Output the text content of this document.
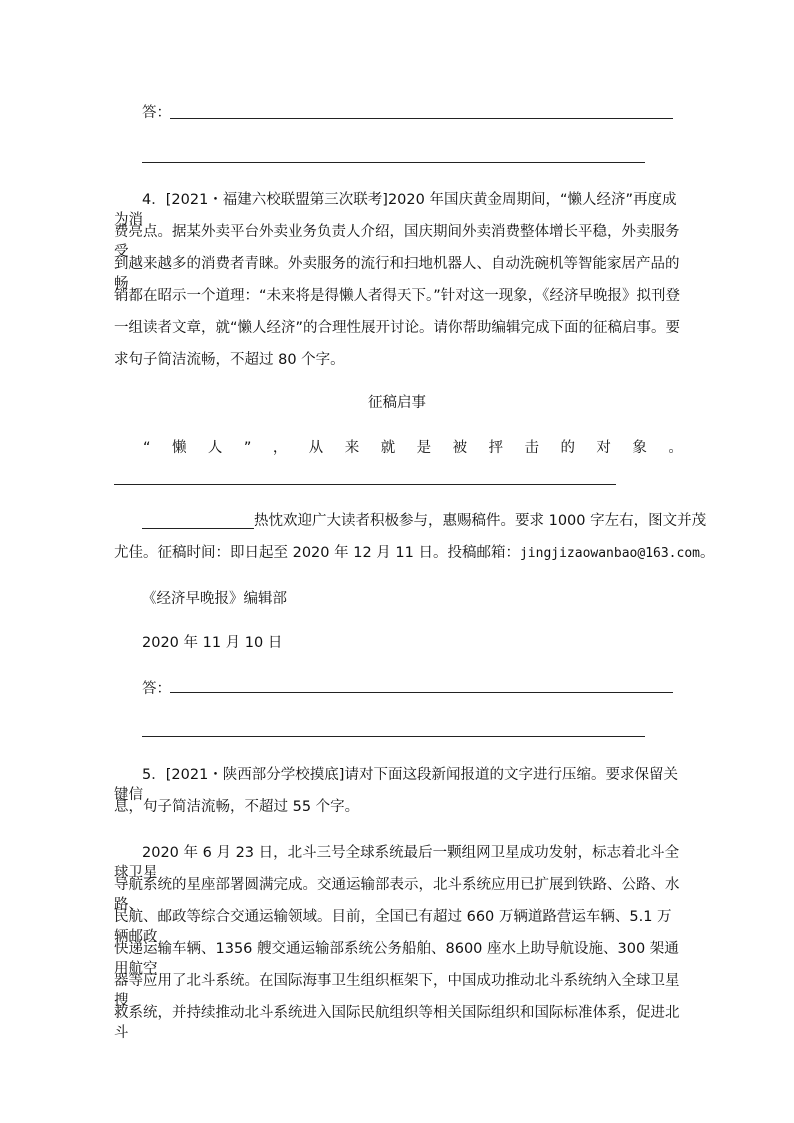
答：
4．[2021・福建六校联盟第三次联考]2020 年国庆黄金周期间，“懒人经济”再度成为消
费亮点。据某外卖平台外卖业务负责人介绍，国庆期间外卖消费整体增长平稳，外卖服务受
到越来越多的消费者青睐。外卖服务的流行和扫地机器人、自动洗碗机等智能家居产品的畅
销都在昭示一个道理：“未来将是得懒人者得天下。”针对这一现象，《经济早晚报》拟刊登
一组读者文章，就“懒人经济”的合理性展开讨论。请你帮助编辑完成下面的征稿启事。要
求句子简洁流畅，不超过 80 个字。
征稿启事
“ 懒 人 ” ， 从 来 就 是 被 抨 击 的 对 象 。
热忱欢迎广大读者积极参与，惠赐稿件。要求 1000 字左右，图文并茂
尤佳。征稿时间：即日起至 2020 年 12 月 11 日。投稿邮箱：jingjizaowanbao@163.com。
《经济早晚报》编辑部
2020 年 11 月 10 日
答：
5．[2021・陕西部分学校摸底]请对下面这段新闻报道的文字进行压缩。要求保留关键信
息，句子简洁流畅，不超过 55 个字。
2020 年 6 月 23 日，北斗三号全球系统最后一颗组网卫星成功发射，标志着北斗全球卫星
导航系统的星座部署圆满完成。交通运输部表示，北斗系统应用已扩展到铁路、公路、水路、
民航、邮政等综合交通运输领域。目前，全国已有超过 660 万辆道路营运车辆、5.1 万辆邮政
快递运输车辆、1356 艘交通运输部系统公务船舶、8600 座水上助导航设施、300 架通用航空
器等应用了北斗系统。在国际海事卫生组织框架下，中国成功推动北斗系统纳入全球卫星搜
救系统，并持续推动北斗系统进入国际民航组织等相关国际组织和国际标准体系，促进北斗
